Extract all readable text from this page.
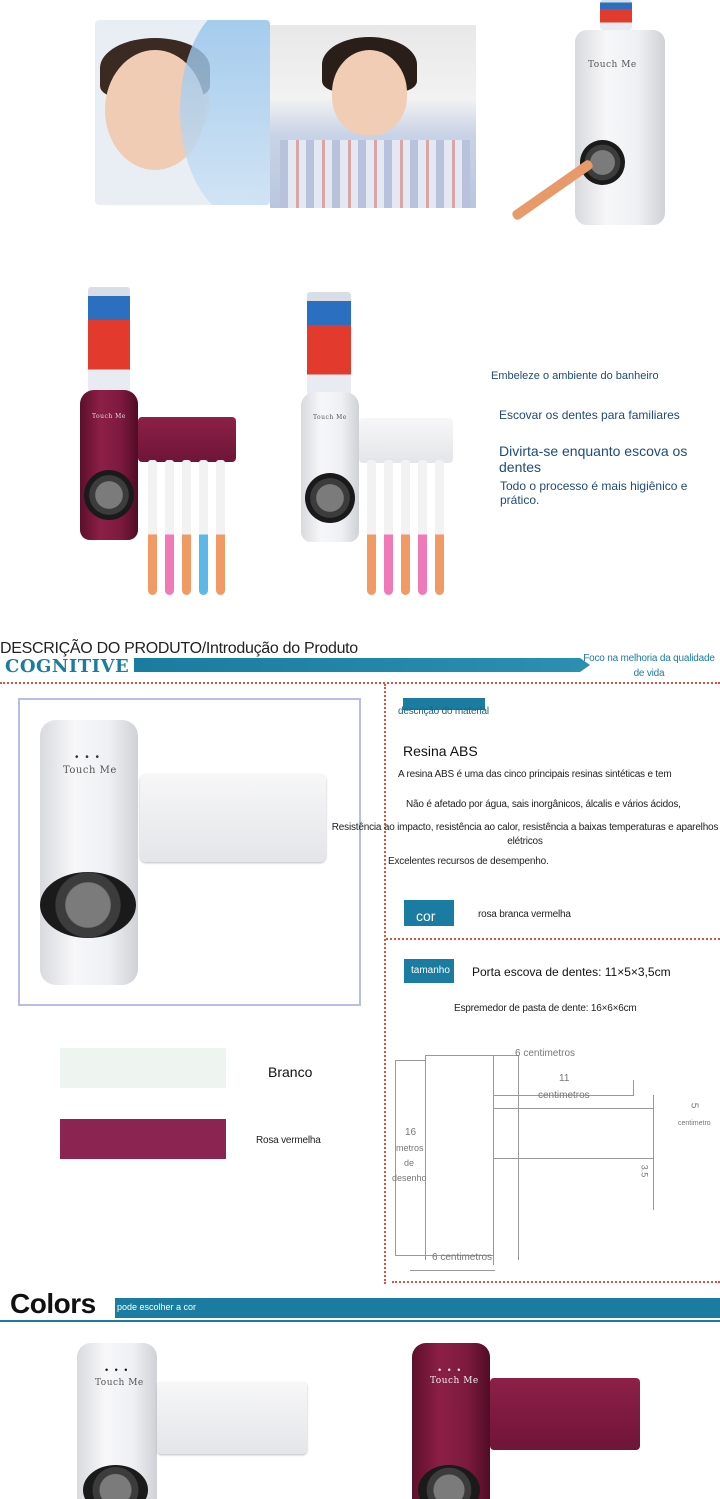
Touch Me
Touch Me	Touch Me
Embeleze o ambiente do banheiro
Escovar os dentes para familiares
Divirta-se enquanto escova os dentes
Todo o processo é mais higiênico e prático.
DESCRIÇÃO DO PRODUTO/Introdução do Produto
COGNITIVE	Foco na melhoria da qualidade de vida
Touch Me
• • •
descrição do material
Resina ABS
A resina ABS é uma das cinco principais resinas sintéticas e tem
Não é afetado por água, sais inorgânicos, álcalis e vários ácidos,
Resistência ao impacto, resistência ao calor, resistência a baixas temperaturas e aparelhos elétricos
Excelentes recursos de desempenho.
cor	rosa branca vermelha
tamanho	Porta escova de dentes: 11×5×3,5cm
Espremedor de pasta de dente: 16×6×6cm
Branco
Rosa vermelha
6 centimetros
11
centimetros
5
centimetro
3.5
16
metros
de
desenho
6 centimetros
Colors pode escolher a cor
• • •
Touch Me
• • •
Touch Me
